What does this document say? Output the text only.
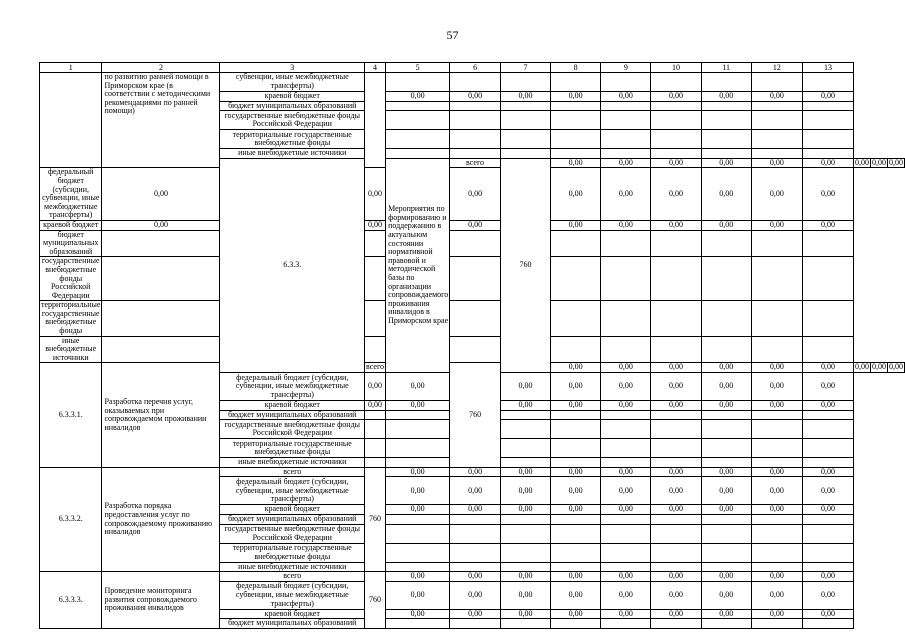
57
1	2	3	4	5	6	7	8	9	10	11	12	13			
	по развитию ранней помощи в Приморском крае (в соответствии с методическими рекомендациями по ранней помощи)	субвенции, иные межбюджетные трансферты)													
		краевой бюджет		0,00	0,00	0,00	0,00	0,00	0,00	0,00	0,00	0,00			
		бюджет муниципальных образований													
		государственные внебюджетные фонды Российской Федерации													
		территориальные государственные внебюджетные фонды													
		иные внебюджетные источники													
		6.3.3.		Мероприятия по формированию и поддержанию в актуальном состоянии нормативной правовой и методической базы по организации сопровождаемого проживания инвалидов в Приморском крае	всего	760	0,00	0,00	0,00	0,00	0,00	0,00	0,00	0,00	0,00
федеральный бюджет (субсидии, субвенции, иные межбюджетные трансферты)	0,00		0,00		0,00		0,00	0,00	0,00	0,00	0,00	0,00			
краевой бюджет	0,00		0,00		0,00		0,00	0,00	0,00	0,00	0,00	0,00			
бюджет муниципальных образований															
государственные внебюджетные фонды Российской Федерации															
территориальные государственные внебюджетные фонды															
иные внебюджетные источники															
6.3.3.1.	Разработка перечня услуг, оказываемых при сопровождаемом проживании инвалидов		всего		760		0,00	0,00	0,00	0,00	0,00	0,00	0,00	0,00	0,00
		федеральный бюджет (субсидии, субвенции, иные межбюджетные трансферты)	0,00	0,00		0,00	0,00	0,00	0,00	0,00	0,00	0,00			
		краевой бюджет	0,00	0,00		0,00	0,00	0,00	0,00	0,00	0,00	0,00			
		бюджет муниципальных образований													
		государственные внебюджетные фонды Российской Федерации													
		территориальные государственные внебюджетные фонды													
		иные внебюджетные источники													
6.3.3.2.	Разработка порядка предоставления услуг по сопровождаемому проживанию инвалидов	всего	760	0,00	0,00	0,00	0,00	0,00	0,00	0,00	0,00	0,00			
		федеральный бюджет (субсидии, субвенции, иные межбюджетные трансферты)		0,00	0,00	0,00	0,00	0,00	0,00	0,00	0,00	0,00			
		краевой бюджет		0,00	0,00	0,00	0,00	0,00	0,00	0,00	0,00	0,00			
		бюджет муниципальных образований													
		государственные внебюджетные фонды Российской Федерации													
		территориальные государственные внебюджетные фонды													
		иные внебюджетные источники													
6.3.3.3.	Проведение мониторинга развития сопровождаемого проживания инвалидов	всего	760	0,00	0,00	0,00	0,00	0,00	0,00	0,00	0,00	0,00			
		федеральный бюджет (субсидии, субвенции, иные межбюджетные трансферты)		0,00	0,00	0,00	0,00	0,00	0,00	0,00	0,00	0,00			
		краевой бюджет		0,00	0,00	0,00	0,00	0,00	0,00	0,00	0,00	0,00			
		бюджет муниципальных образований													
